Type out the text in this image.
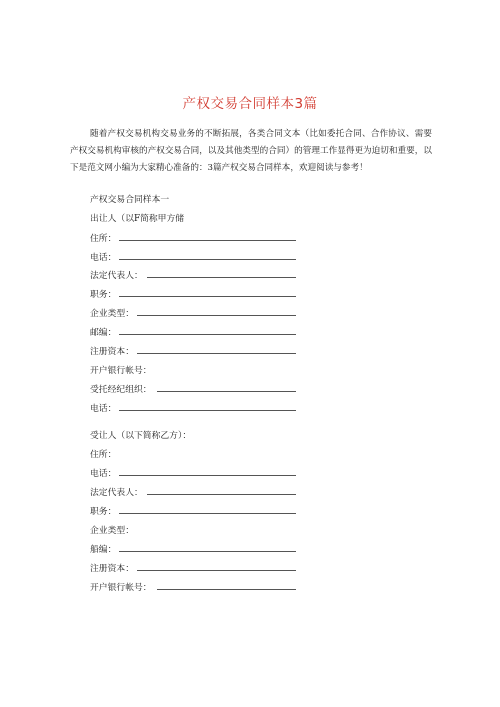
产权交易合同样本3篇

随着产权交易机构交易业务的不断拓展，各类合同文本（比如委托合同、合作协议、需要产权交易机构审核的产权交易合同，以及其他类型的合同）的管理工作显得更为迫切和重要，以下是范文网小编为大家精心准备的：3篇产权交易合同样本，欢迎阅读与参考！

产权交易合同样本一
出让人（以F简称甲方储
住所：
电话：
法定代表人：
职务：
企业类型：
邮编：
注册资本：
开户银行帐号：
受托经纪组织：
电话：
受让人（以下简称乙方）：
住所：
电话：
法定代表人：
职务：
企业类型：
船编：
注册资本：
开户银行帐号：
